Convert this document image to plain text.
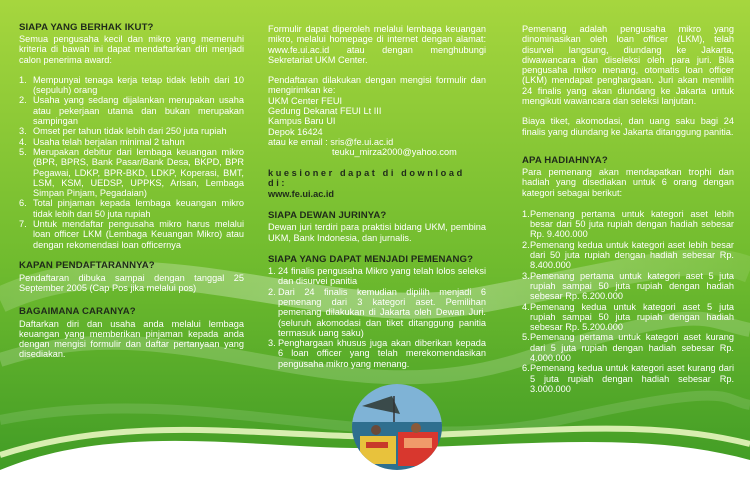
SIAPA YANG BERHAK IKUT?

Semua pengusaha kecil dan mikro yang memenuhi kriteria di bawah ini dapat mendaftarkan diri menjadi calon penerima award:

1. Mempunyai tenaga kerja tetap tidak lebih dari 10 (sepuluh) orang
2. Usaha yang sedang dijalankan merupakan usaha atau pekerjaan utama dan bukan merupakan sampingan
3. Omset per tahun tidak lebih dari 250 juta rupiah
4. Usaha telah berjalan minimal 2 tahun
5. Merupakan debitur dari lembaga keuangan mikro (BPR, BPRS, Bank Pasar/Bank Desa, BKPD, BPR Pegawai, LDKP, BPR-BKD, LDKP, Koperasi, BMT, LSM, KSM, UEDSP, UPPKS, Arisan, Lembaga Simpan Pinjam, Pegadaian)
6. Total pinjaman kepada lembaga keuangan mikro tidak lebih dari 50 juta rupiah
7. Untuk mendaftar pengusaha mikro harus melalui loan officer LKM (Lembaga Keuangan Mikro) atau dengan rekomendasi loan officernya
KAPAN PENDAFTARANNYA?

Pendaftaran dibuka sampai dengan tanggal 25 September 2005 (Cap Pos jika melalui pos)

BAGAIMANA CARANYA?

Daftarkan diri dan usaha anda melalui lembaga keuangan yang memberikan pinjaman kepada anda dengan mengisi formulir dan daftar pertanyaan yang disediakan.

Formulir dapat diperoleh melalui lembaga keuangan mikro, melalui homepage di internet dengan alamat: www.fe.ui.ac.id atau dengan menghubungi Sekretariat UKM Center.

Pendaftaran dilakukan dengan mengisi formulir dan mengirimkan ke:

UKM Center FEUI
Gedung Dekanat FEUI Lt III
Kampus Baru UI
Depok 16424
atau ke email : sris@fe.ui.ac.id
teuku_mirza2000@yahoo.com
kuesioner dapat di download di:
www.fe.ui.ac.id
SIAPA DEWAN JURINYA?

Dewan juri terdiri para praktisi bidang UKM, pembina UKM, Bank Indonesia, dan jurnalis.

SIAPA YANG DAPAT MENJADI PEMENANG?
1. 24 finalis pengusaha Mikro yang telah lolos seleksi dan disurvei panitia
2. Dari 24 finalis kemudian dipilih menjadi 6 pemenang dari 3 kategori aset. Pemilihan pemenang dilakukan di Jakarta oleh Dewan Juri. (seluruh akomodasi dan tiket ditanggung panitia termasuk uang saku)
3. Penghargaan khusus juga akan diberikan kepada 6 loan officer yang telah merekomendasikan pengusaha mikro yang menang.

Pemenang adalah pengusaha mikro yang dinominasikan oleh loan officer (LKM), telah disurvei langsung, diundang ke Jakarta, diwawancara dan diseleksi oleh para juri. Bila pengusaha mikro menang, otomatis loan officer (LKM) mendapat penghargaan. Juri akan memilih 24 finalis yang akan diundang ke Jakarta untuk mengikuti wawancara dan seleksi lanjutan.

Biaya tiket, akomodasi, dan uang saku bagi 24 finalis yang diundang ke Jakarta ditanggung panitia.

APA HADIAHNYA?

Para pemenang akan mendapatkan trophi dan hadiah yang disediakan untuk 6 orang dengan kategori sebagai berikut:

1. Pemenang pertama untuk kategori aset lebih besar dari 50 juta rupiah dengan hadiah sebesar Rp. 9.400.000
2. Pemenang kedua untuk kategori aset lebih besar dari 50 juta rupiah dengan hadiah sebesar Rp. 8.400.000
3. Pemenang pertama untuk kategori aset 5 juta rupiah sampai 50 juta rupiah dengan hadiah sebesar Rp. 6.200.000
4. Pemenang kedua untuk kategori aset 5 juta rupiah sampai 50 juta rupiah dengan hadiah sebesar Rp. 5.200.000
5. Pemenang pertama untuk kategori aset kurang dari 5 juta rupiah dengan hadiah sebesar Rp. 4.000.000
6. Pemenang kedua untuk kategori aset kurang dari 5 juta rupiah dengan hadiah sebesar Rp. 3.000.000
